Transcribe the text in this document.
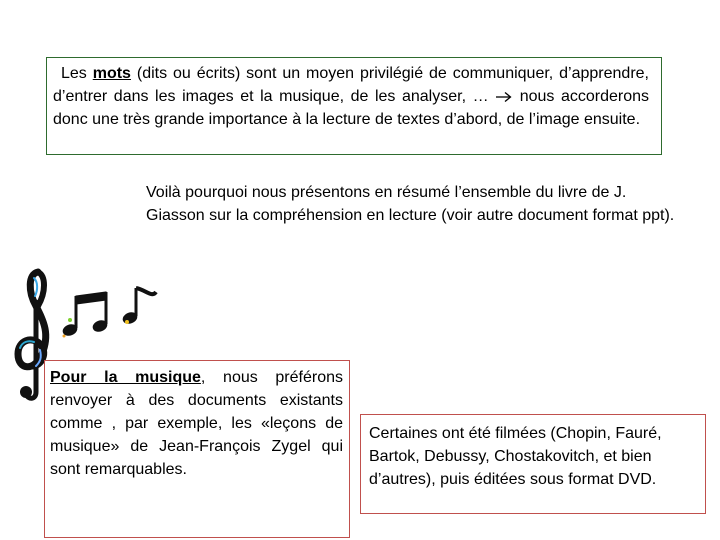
Les mots (dits ou écrits) sont un moyen privilégié de communiquer, d’apprendre, d’entrer dans les images et la musique, de les analyser, …  nous accorderons donc une très grande importance à la lecture de textes d’abord, de l’image ensuite.
Voilà pourquoi nous présentons en résumé l’ensemble du livre de J. Giasson sur la compréhension en lecture (voir autre document format ppt).
Pour la musique, nous préférons renvoyer à des documents existants comme , par exemple, les «leçons de musique» de Jean-François Zygel qui sont remarquables.
Certaines ont été filmées (Chopin, Fauré, Bartok, Debussy, Chostakovitch, et bien d’autres), puis éditées sous format DVD.
